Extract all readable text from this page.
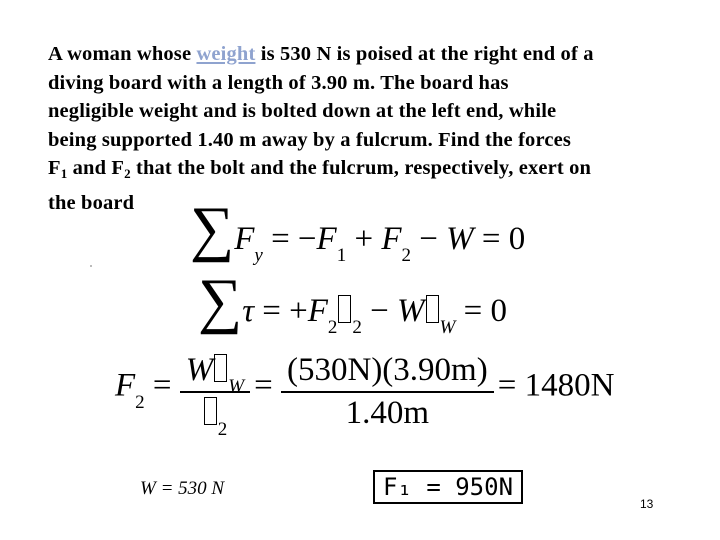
A woman whose weight is 530 N is poised at the right end of a
diving board with a length of 3.90 m. The board has
negligible weight and is bolted down at the left end, while
being supported 1.40 m away by a fulcrum. Find the forces
$F_1$ and $F_2$ that the bolt and the fulcrum, respectively, exert on
the board ∑Fy = −F1 + F2 − W = 0
∑τ = +F2 2 − W W = 0
$F2 = \frac{W _W}{_2} = \frac{(530N)(3.90m)}{1.40m} = 1480N$
W = 530 N	F₁ = 950N
13
